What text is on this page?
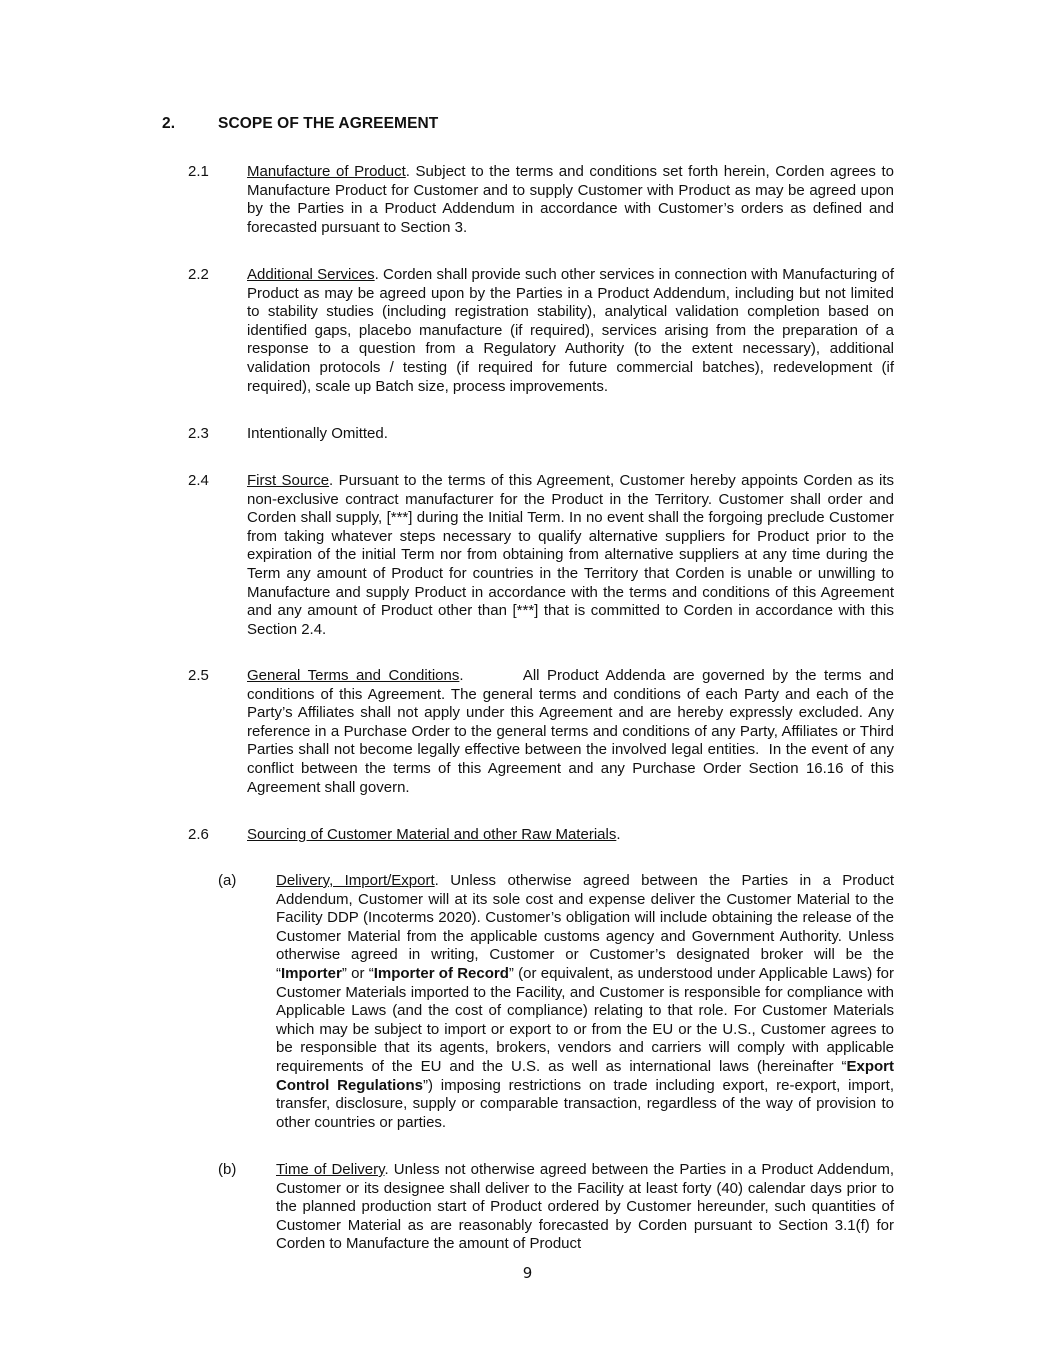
2.	SCOPE OF THE AGREEMENT
2.1	Manufacture of Product. Subject to the terms and conditions set forth herein, Corden agrees to Manufacture Product for Customer and to supply Customer with Product as may be agreed upon by the Parties in a Product Addendum in accordance with Customer’s orders as defined and forecasted pursuant to Section 3.
2.2	Additional Services. Corden shall provide such other services in connection with Manufacturing of Product as may be agreed upon by the Parties in a Product Addendum, including but not limited to stability studies (including registration stability), analytical validation completion based on identified gaps, placebo manufacture (if required), services arising from the preparation of a response to a question from a Regulatory Authority (to the extent necessary), additional validation protocols / testing (if required for future commercial batches), redevelopment (if required), scale up Batch size, process improvements.
2.3	Intentionally Omitted.
2.4	First Source. Pursuant to the terms of this Agreement, Customer hereby appoints Corden as its non-exclusive contract manufacturer for the Product in the Territory. Customer shall order and Corden shall supply, [***] during the Initial Term. In no event shall the forgoing preclude Customer from taking whatever steps necessary to qualify alternative suppliers for Product prior to the expiration of the initial Term nor from obtaining from alternative suppliers at any time during the Term any amount of Product for countries in the Territory that Corden is unable or unwilling to Manufacture and supply Product in accordance with the terms and conditions of this Agreement and any amount of Product other than [***] that is committed to Corden in accordance with this Section 2.4.
2.5	General Terms and Conditions.        All Product Addenda are governed by the terms and conditions of this Agreement. The general terms and conditions of each Party and each of the Party’s Affiliates shall not apply under this Agreement and are hereby expressly excluded. Any reference in a Purchase Order to the general terms and conditions of any Party, Affiliates or Third Parties shall not become legally effective between the involved legal entities.  In the event of any conflict between the terms of this Agreement and any Purchase Order Section 16.16 of this Agreement shall govern.
2.6	Sourcing of Customer Material and other Raw Materials.
(a)	Delivery, Import/Export. Unless otherwise agreed between the Parties in a Product Addendum, Customer will at its sole cost and expense deliver the Customer Material to the Facility DDP (Incoterms 2020). Customer’s obligation will include obtaining the release of the Customer Material from the applicable customs agency and Government Authority. Unless otherwise agreed in writing, Customer or Customer’s designated broker will be the “Importer” or “Importer of Record” (or equivalent, as understood under Applicable Laws) for Customer Materials imported to the Facility, and Customer is responsible for compliance with Applicable Laws (and the cost of compliance) relating to that role. For Customer Materials which may be subject to import or export to or from the EU or the U.S., Customer agrees to be responsible that its agents, brokers, vendors and carriers will comply with applicable requirements of the EU and the U.S. as well as international laws (hereinafter “Export Control Regulations”) imposing restrictions on trade including export, re-export, import, transfer, disclosure, supply or comparable transaction, regardless of the way of provision to other countries or parties.
(b)	Time of Delivery. Unless not otherwise agreed between the Parties in a Product Addendum, Customer or its designee shall deliver to the Facility at least forty (40) calendar days prior to the planned production start of Product ordered by Customer hereunder, such quantities of Customer Material as are reasonably forecasted by Corden pursuant to Section 3.1(f) for Corden to Manufacture the amount of Product
9
